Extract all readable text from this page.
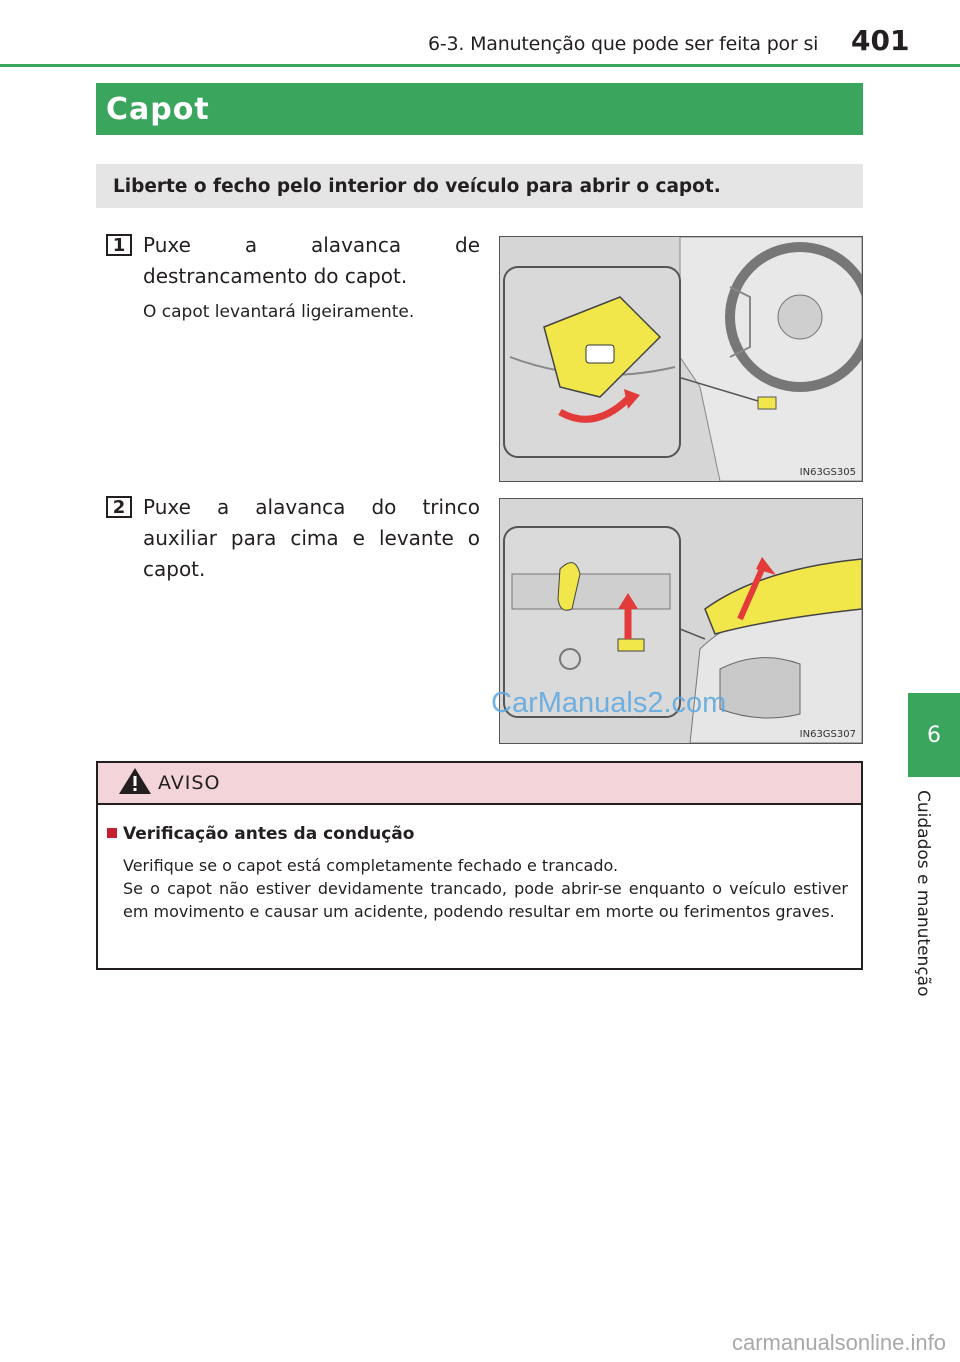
6-3. Manutenção que pode ser feita por si 401
6
Cuidados e manutenção
Capot
Liberte o fecho pelo interior do veículo para abrir o capot.
1 Puxe a alavanca de destrancamento do capot.
O capot levantará ligeiramente.
IN63GS305
2 Puxe a alavanca do trinco auxiliar para cima e levante o capot.
IN63GS307
CarManuals2.com
AVISO
Verificação antes da condução

Verifique se o capot está completamente fechado e trancado.

Se o capot não estiver devidamente trancado, pode abrir-se enquanto o veículo estiver em movimento e causar um acidente, podendo resultar em morte ou ferimentos graves.

carmanualsonline.info
